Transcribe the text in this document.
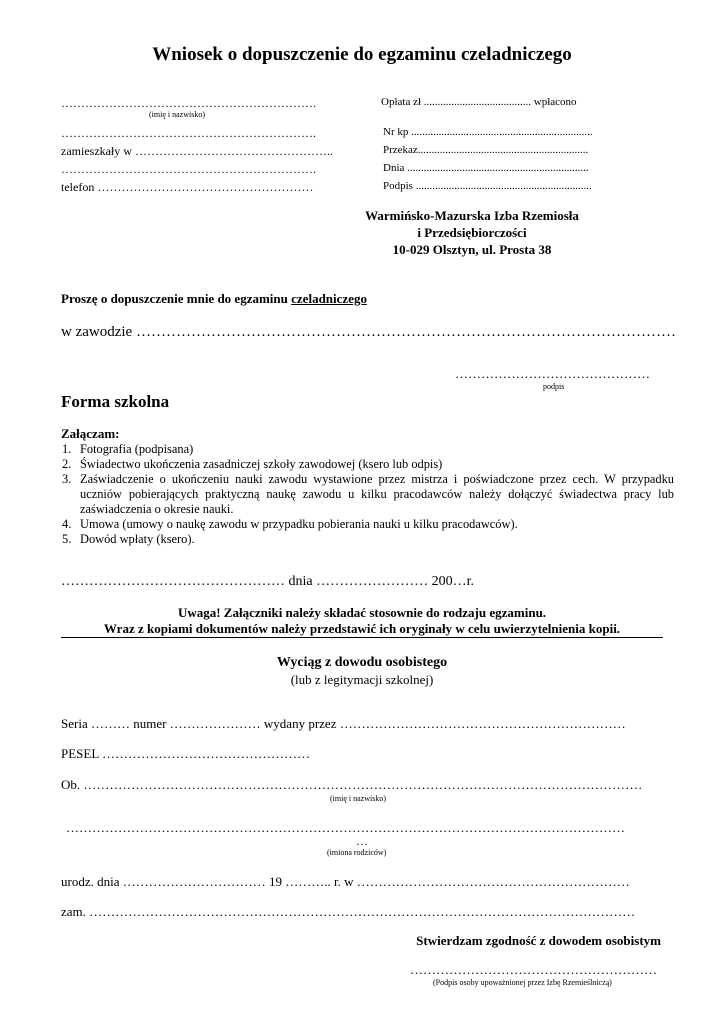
Wniosek o dopuszczenie do egzaminu czeladniczego
……………………………………………………….
(imię i nazwisko)
……………………………………………………….
zamieszkały w …………………………………………..
……………………………………………………….
telefon ………………………………………………
Opłata zł ....................................... wpłacono
Nr kp ..................................................................
Przekaz..............................................................
Dnia ..................................................................
Podpis ................................................................
Warmińsko-Mazurska Izba Rzemiosła
i Przedsiębiorczości
10-029 Olsztyn, ul. Prosta 38
Proszę o dopuszczenie mnie do egzaminu czeladniczego
w zawodzie ………………………………………………………………………………………………
………………………………………
podpis
Forma szkolna
Załączam:
1. Fotografia (podpisana)
2. Świadectwo ukończenia zasadniczej szkoły zawodowej (ksero lub odpis)
3. Zaświadczenie o ukończeniu nauki zawodu wystawione przez mistrza i poświadczone przez cech. W przypadku uczniów pobierających praktyczną naukę zawodu u kilku pracodawców należy dołączyć świadectwa pracy lub zaświadczenia o okresie nauki.
4. Umowa (umowy o naukę zawodu w przypadku pobierania nauki u kilku pracodawców).
5. Dowód wpłaty (ksero).
………………………………………… dnia …………………… 200…r.
Uwaga! Załączniki należy składać stosownie do rodzaju egzaminu.
Wraz z kopiami dokumentów należy przedstawić ich oryginały w celu uwierzytelnienia kopii.
Wyciąg z dowodu osobistego
(lub z legitymacji szkolnej)
Seria ……… numer ………………… wydany przez …………………………………………………………
PESEL …………………………………………
Ob. …………………………………………………………………………………………………………………
(imię i nazwisko)
…………………………………………………………………………………………………………………
…
(imiona rodziców)
urodz. dnia …………………………… 19 ……….. r. w ………………………………………………………
zam. ………………………………………………………………………………………………………………
Stwierdzam zgodność z dowodem osobistym
…………………………………………………
(Podpis osoby upoważnionej przez Izbę Rzemieślniczą)
